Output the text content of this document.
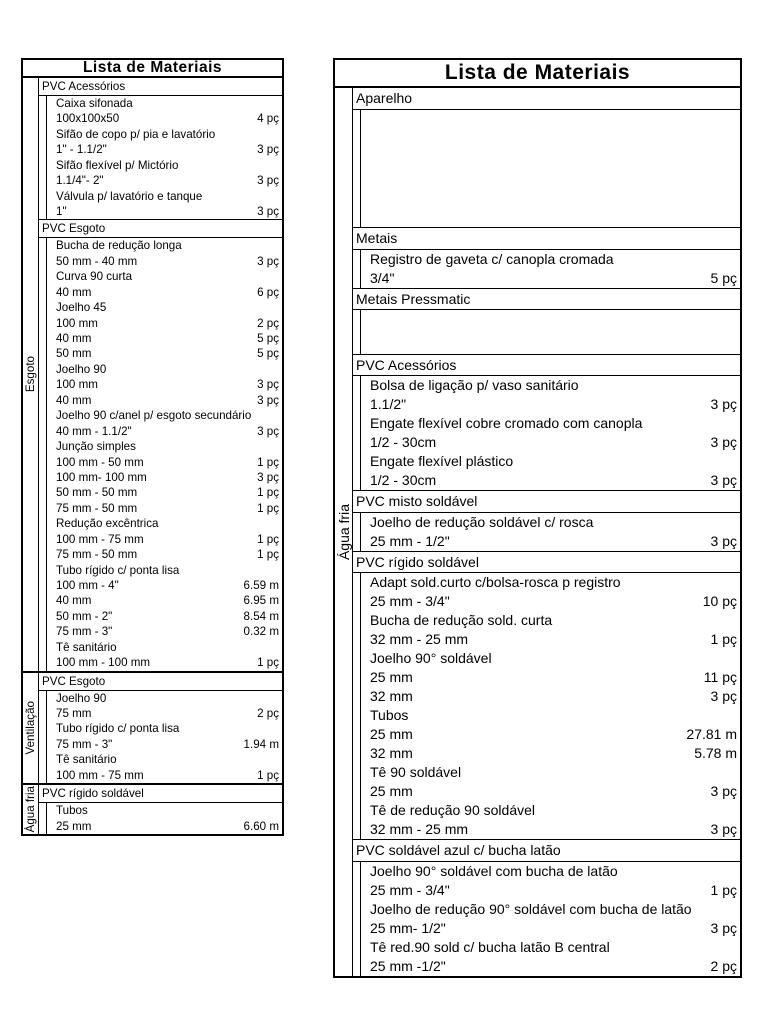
Lista de Materiais
Esgoto
PVC Acessórios
Caixa sifonada
100x100x50	4 pç
Sifão de copo p/ pia e lavatório
1" - 1.1/2"	3 pç
Sifão flexível p/ Mictório
1.1/4"- 2"	3 pç
Válvula p/ lavatório e tanque
1"	3 pç
PVC Esgoto
Bucha de redução longa
50 mm - 40 mm	3 pç
Curva 90 curta
40 mm	6 pç
Joelho 45
100 mm	2 pç
40 mm	5 pç
50 mm	5 pç
Joelho 90
100 mm	3 pç
40 mm	3 pç
Joelho 90 c/anel p/ esgoto secundário
40 mm - 1.1/2"	3 pç
Junção simples
100 mm - 50 mm	1 pç
100 mm- 100 mm	3 pç
50 mm - 50 mm	1 pç
75 mm - 50 mm	1 pç
Redução excêntrica
100 mm - 75 mm	1 pç
75 mm - 50 mm	1 pç
Tubo rígido c/ ponta lisa
100 mm - 4"	6.59 m
40 mm	6.95 m
50 mm - 2"	8.54 m
75 mm - 3"	0.32 m
Tê sanitário
100 mm - 100 mm	1 pç
Ventilação
PVC Esgoto
Joelho 90
75 mm	2 pç
Tubo rígido c/ ponta lisa
75 mm - 3"	1.94 m
Tê sanitário
100 mm - 75 mm	1 pç
Água fria PVC rígido soldável
Tubos
25 mm	6.60 m
Lista de Materiais
Água fria
Aparelho
Metais
Registro de gaveta c/ canopla cromada
3/4"	5 pç
Metais Pressmatic
PVC Acessórios
Bolsa de ligação p/ vaso sanitário
1.1/2"	3 pç
Engate flexível cobre cromado com canopla
1/2 - 30cm	3 pç
Engate flexível plástico
1/2 - 30cm	3 pç
PVC misto soldável
Joelho de redução soldável c/ rosca
25 mm - 1/2"	3 pç
PVC rígido soldável
Adapt sold.curto c/bolsa-rosca p registro
25 mm - 3/4"	10 pç
Bucha de redução sold. curta
32 mm - 25 mm	1 pç
Joelho 90° soldável
25 mm	11 pç
32 mm	3 pç
Tubos
25 mm	27.81 m
32 mm	5.78 m
Tê 90 soldável
25 mm	3 pç
Tê de redução 90 soldável
32 mm - 25 mm	3 pç
PVC soldável azul c/ bucha latão
Joelho 90° soldável com bucha de latão
25 mm - 3/4"	1 pç
Joelho de redução 90° soldável com bucha de latão
25 mm- 1/2"	3 pç
Tê red.90 sold c/ bucha latão B central
25 mm -1/2"	2 pç
